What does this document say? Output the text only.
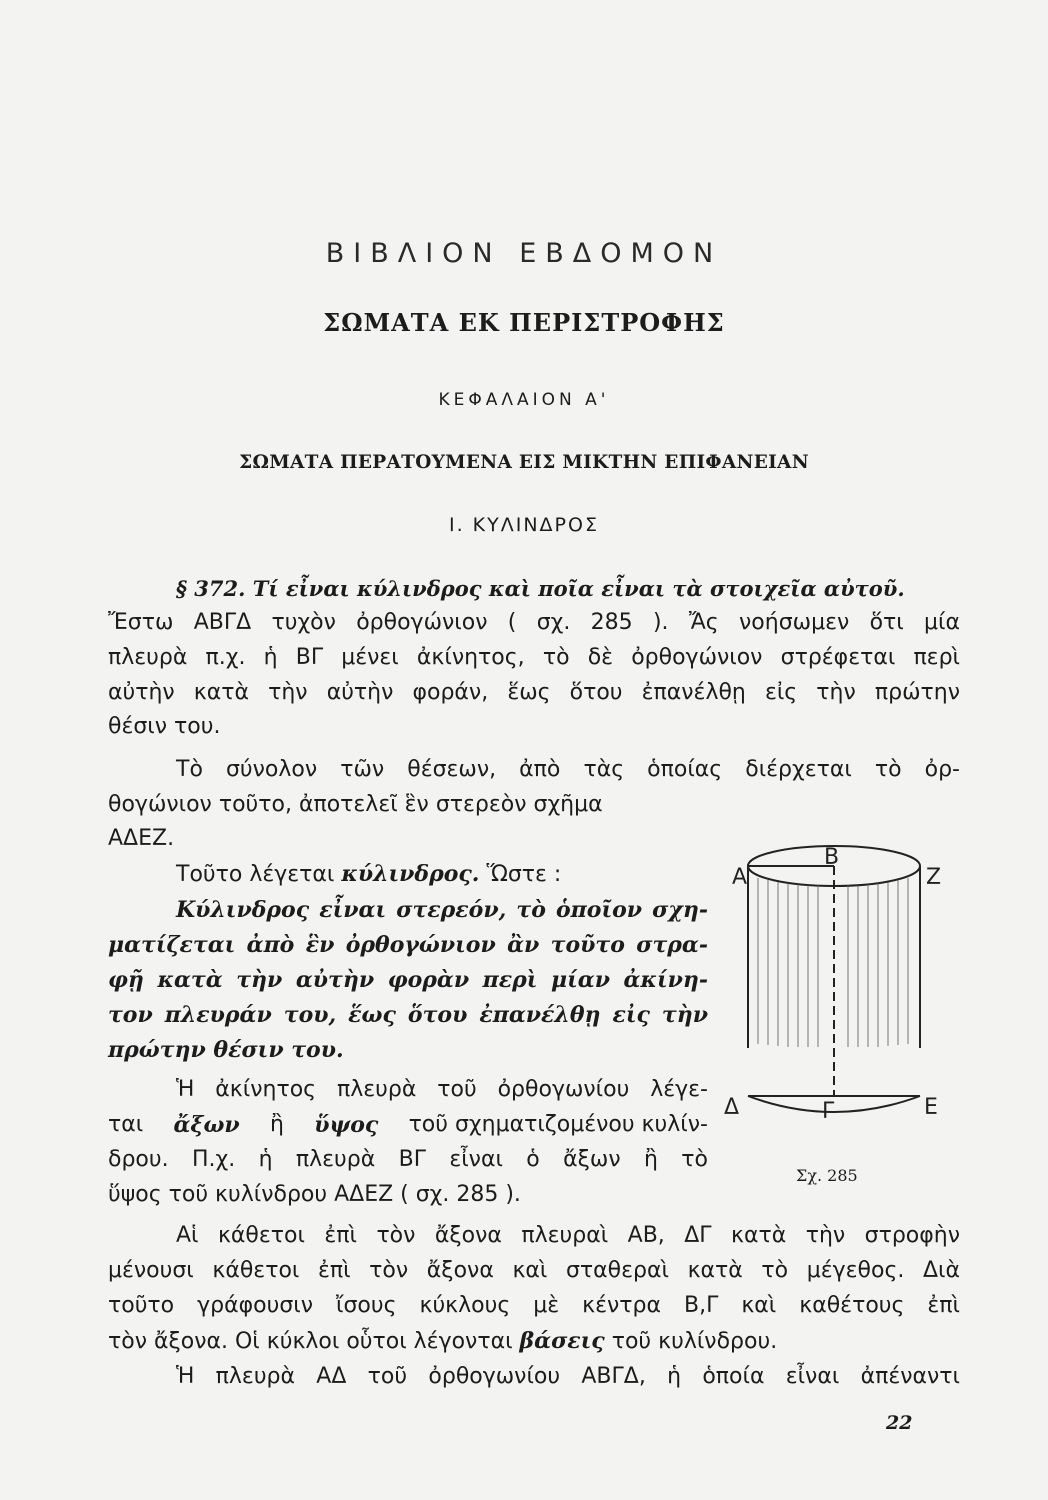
ΒΙΒΛΙΟΝ ΕΒΔΟΜΟΝ
ΣΩΜΑΤΑ ΕΚ ΠΕΡΙΣΤΡΟΦΗΣ
ΚΕΦΑΛΑΙΟΝ Α'
ΣΩΜΑΤΑ ΠΕΡΑΤΟΥΜΕΝΑ ΕΙΣ ΜΙΚΤΗΝ ΕΠΙΦΑΝΕΙΑΝ
Ι. ΚΥΛΙΝΔΡΟΣ
§ 372. Τί εἶναι κύλινδρος καὶ ποῖα εἶναι τὰ στοιχεῖα αὐτοῦ.
Ἔστω ΑΒΓΔ τυχὸν ὀρθογώνιον ( σχ. 285 ). Ἄς νοήσωμεν ὅτι μία
πλευρὰ π.χ. ἡ ΒΓ μένει ἀκίνητος, τὸ δὲ ὀρθογώνιον στρέφεται περὶ
αὐτὴν κατὰ τὴν αὐτὴν φοράν, ἕως ὅτου ἐπανέλθῃ εἰς τὴν πρώτην
θέσιν του.
Τὸ σύνολον τῶν θέσεων, ἀπὸ τὰς ὁποίας διέρχεται τὸ ὀρ-
θογώνιον τοῦτο, ἀποτελεῖ ἓν στερεὸν σχῆμα
ΑΔΕΖ.
Τοῦτο λέγεται κύλινδρος. Ὥστε :
Κύλινδρος εἶναι στερεόν, τὸ ὁποῖον σχη-
ματίζεται ἀπὸ ἓν ὀρθογώνιον ἂν τοῦτο στρα-
φῇ κατὰ τὴν αὐτὴν φορὰν περὶ μίαν ἀκίνη-
τον πλευράν του, ἕως ὅτου ἐπανέλθῃ εἰς τὴν
πρώτην θέσιν του.
Ἡ ἀκίνητος πλευρὰ τοῦ ὀρθογωνίου λέγε-
ται ἄξων ἢ ὕψος τοῦ σχηματιζομένου κυλίν-
δρου. Π.χ. ἡ πλευρὰ ΒΓ εἶναι ὁ ἄξων ἢ τὸ
ὕψος τοῦ κυλίνδρου ΑΔΕΖ ( σχ. 285 ).
Α
Β
Ζ
Δ	Γ	Ε
Σχ. 285
Αἱ κάθετοι ἐπὶ τὸν ἄξονα πλευραὶ ΑΒ, ΔΓ κατὰ τὴν στροφὴν
μένουσι κάθετοι ἐπὶ τὸν ἄξονα καὶ σταθεραὶ κατὰ τὸ μέγεθος. Διὰ
τοῦτο γράφουσιν ἴσους κύκλους μὲ κέντρα Β,Γ καὶ καθέτους ἐπὶ
τὸν ἄξονα. Οἱ κύκλοι οὗτοι λέγονται βάσεις τοῦ κυλίνδρου.
Ἡ πλευρὰ ΑΔ τοῦ ὀρθογωνίου ΑΒΓΔ, ἡ ὁποία εἶναι ἀπέναντι
22
